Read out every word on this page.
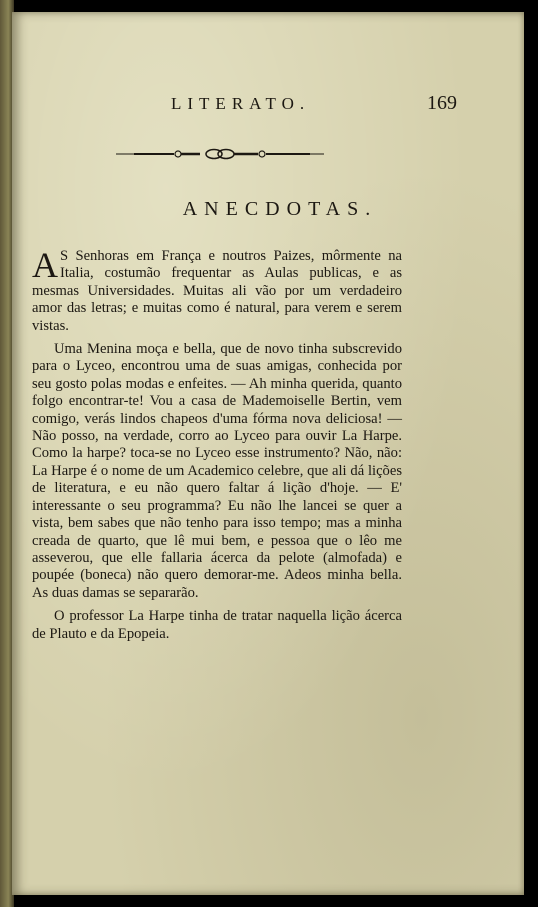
LITERATO.	169
ANECDOTAS.

A S Senhoras em França e noutros Paizes, môrmente na Italia, costumão frequentar as Aulas publicas, e as mesmas Universidades. Muitas ali vão por um verdadeiro amor das letras; e muitas como é natural, para verem e serem vistas.

Uma Menina moça e bella, que de novo tinha subscrevido para o Lyceo, encontrou uma de suas amigas, conhecida por seu gosto polas modas e enfeites. — Ah minha querida, quanto folgo encontrar-te! Vou a casa de Mademoiselle Bertin, vem comigo, verás lindos chapeos d'uma fórma nova deliciosa! — Não posso, na verdade, corro ao Lyceo para ouvir La Harpe. Como la harpe? toca-se no Lyceo esse instrumento? Não, não: La Harpe é o nome de um Academico celebre, que ali dá lições de literatura, e eu não quero faltar á lição d'hoje. — E' interessante o seu programma? Eu não lhe lancei se quer a vista, bem sabes que não tenho para isso tempo; mas a minha creada de quarto, que lê mui bem, e pessoa que o lêo me asseverou, que elle fallaria ácerca da pelote (almofada) e poupée (boneca) não quero demorar-me. Adeos minha bella. As duas damas se separarão.

O professor La Harpe tinha de tratar naquella lição ácerca de Plauto e da Epopeia.
